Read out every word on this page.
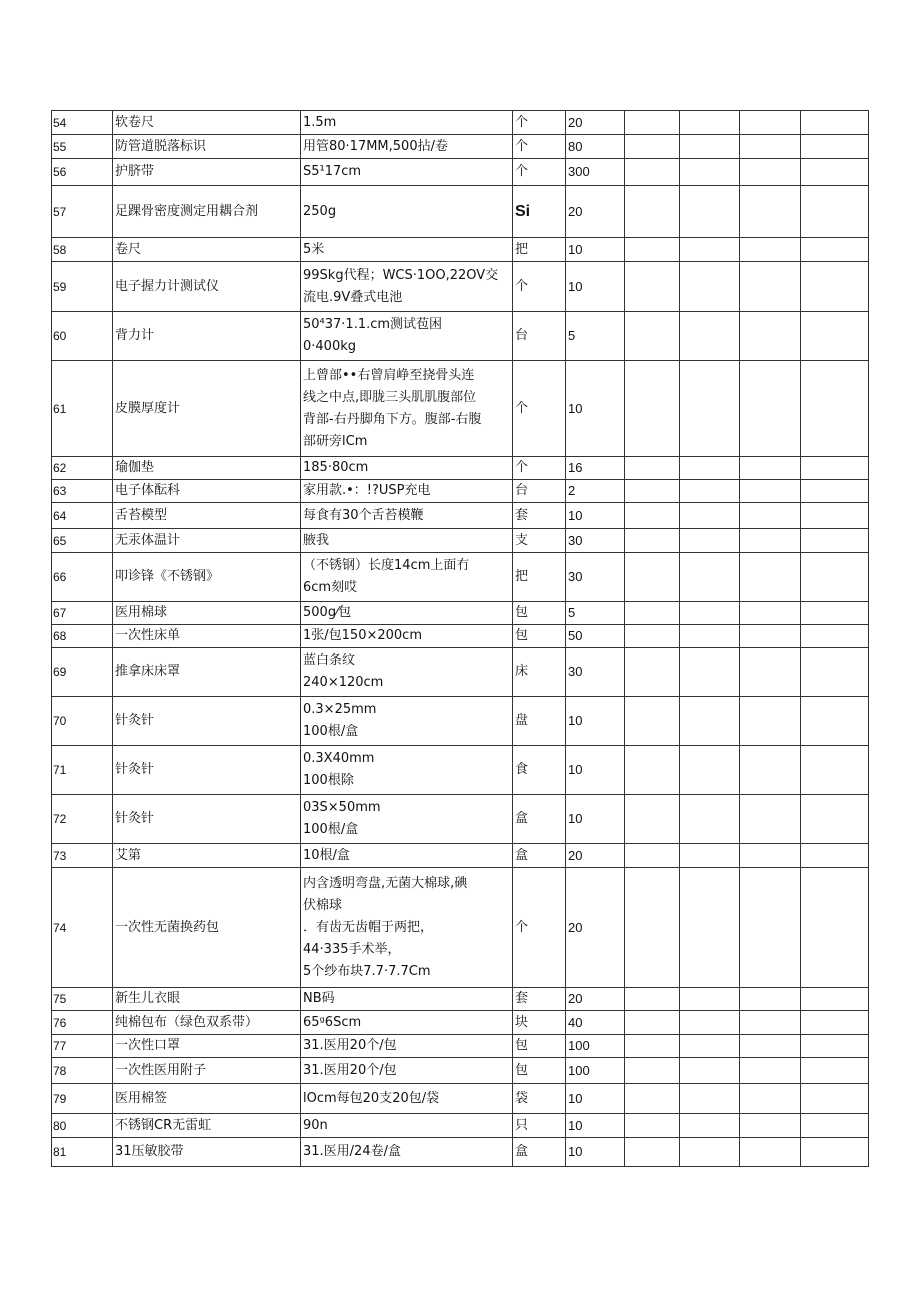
54	软卷尺	1.5m	个	20				
55	防管道脱落标识	用管80·17MM,500拈/卷	个	80				
56	护脐带	S5¹17cm	个	300				
57	足踝骨密度测定用耦合剂	250g	Si	20				
58	卷尺	5米	把	10				
59	电子握力计测试仪	99Skg代程；WCS·1OO,22OV交
流电.9V叠式电池	个	10				
60	背力计	50⁴37·1.1.cm测试苞困
0·400kg	台	5				
61	皮膜厚度计	上曾部••右曾肩峥至挠骨头连
线之中点,即胧三头肌肌腹部位
背部-右丹脚角下方。腹部-右腹
部研旁lCm	个	10				
62	瑜伽垫	185·80cm	个	16				
63	电子体酝科	家用款.•：!?USP充电	台	2				
64	舌苔模型	每食有30个舌苔模鞭	套	10				
65	无汞体温计	腋我	支	30				
66	叩诊锋《不锈钢》	（不锈钢）长度14cm上面冇
6cm刻哎	把	30				
67	医用棉球	500g⁄包	包	5				
68	一次性床单	1张/包150×200cm	包	50				
69	推拿床床罩	蓝白条纹
240×120cm	床	30				
70	针灸针	0.3×25mm
100根/盒	盘	10				
71	针灸针	0.3X40mm
100根除	食	10				
72	针灸针	03S×50mm
100根/盒	盒	10				
73	艾第	10根/盒	盒	20				
74	一次性无菌换药包	内含透明弯盘,无菌大棉球,碘
伏棉球
．有齿无齿帽于两把，
44·335手术举，
5个纱布块7.7·7.7Cm	个	20				
75	新生儿衣眼	NB码	套	20				
76	纯棉包布（绿色双系带）	65ᵍ6Scm	块	40				
77	一次性口罩	31.医用20个/包	包	100				
78	一次性医用附子	31.医用20个/包	包	100				
79	医用棉签	lOcm每包20支20包/袋	袋	10				
80	不锈钢CR无雷虹	90n	只	10				
81	31压敏胶带	31.医用/24卷/盒	盒	10				
